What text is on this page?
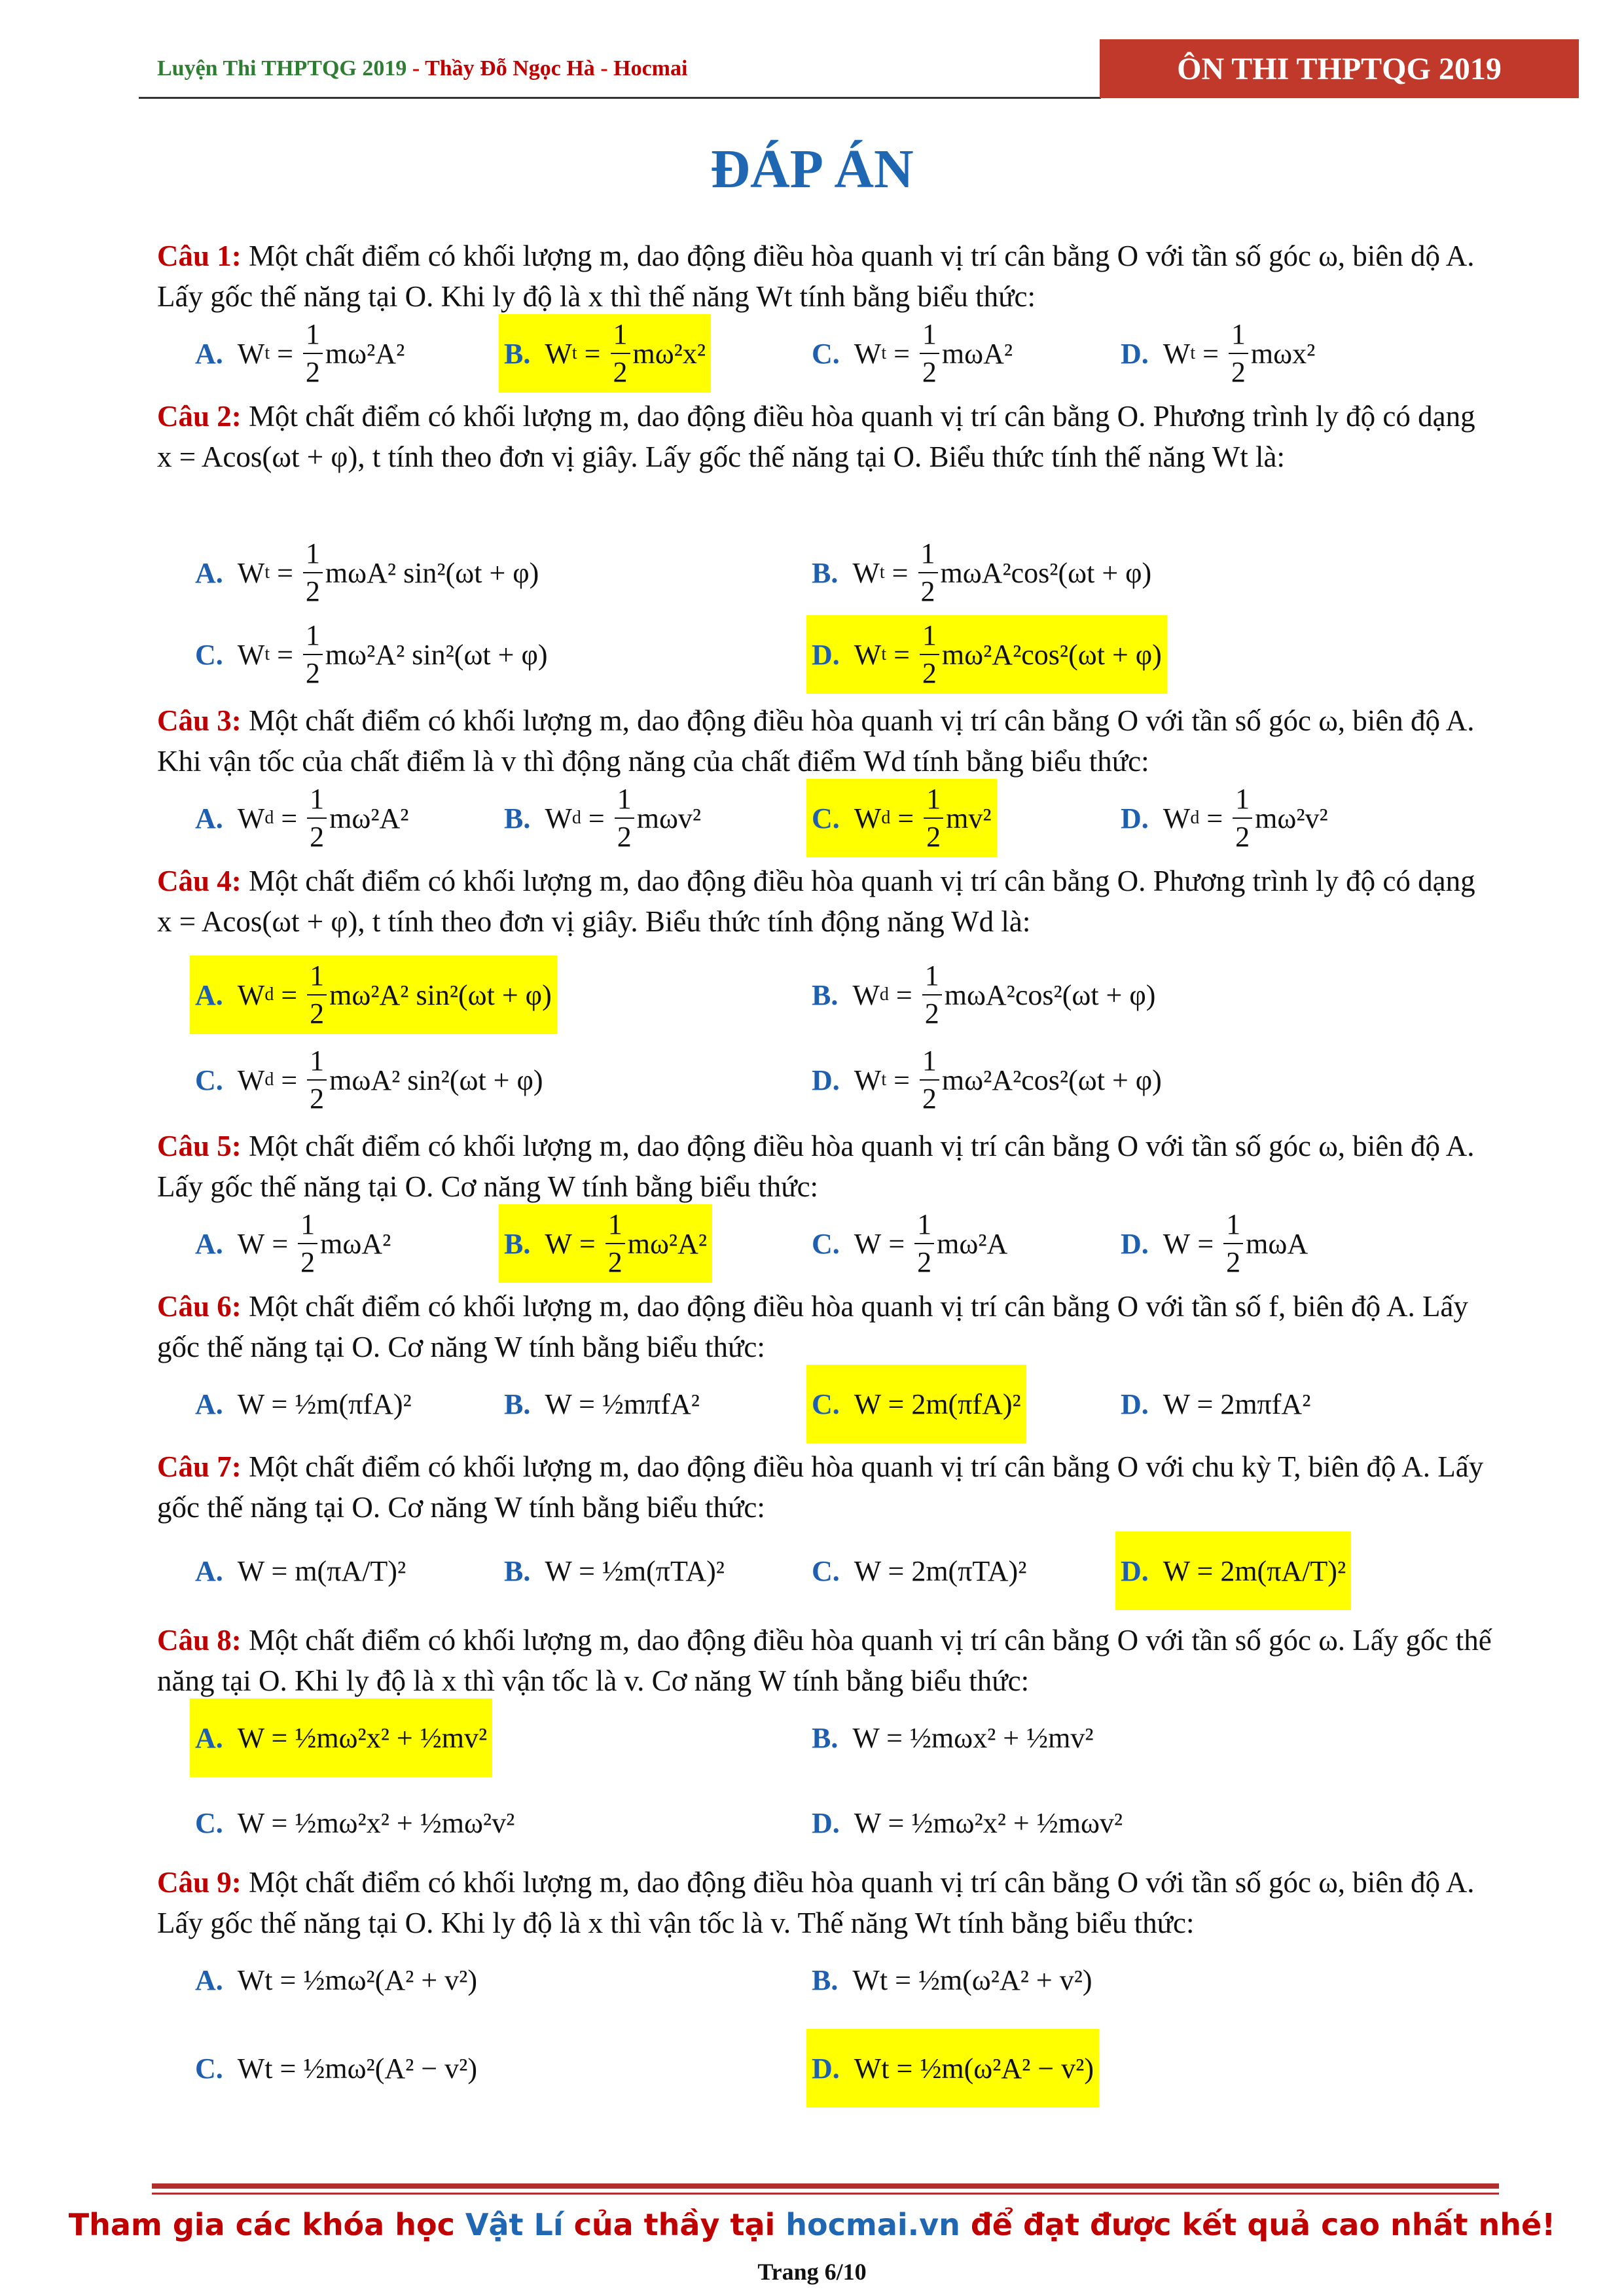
Luyện Thi THPTQG 2019 - Thầy Đỗ Ngọc Hà - Hocmai	ÔN THI THPTQG 2019
ĐÁP ÁN
Câu 1: Một chất điểm có khối lượng m, dao động điều hòa quanh vị trí cân bằng O với tần số góc ω, biên dộ A. Lấy gốc thế năng tại O. Khi ly độ là x thì thế năng Wt tính bằng biểu thức:
Câu 2: Một chất điểm có khối lượng m, dao động điều hòa quanh vị trí cân bằng O. Phương trình ly độ có dạng x = Acos(ωt + φ), t tính theo đơn vị giây. Lấy gốc thế năng tại O. Biểu thức tính thế năng Wt là:
Câu 3: Một chất điểm có khối lượng m, dao động điều hòa quanh vị trí cân bằng O với tần số góc ω, biên độ A. Khi vận tốc của chất điểm là v thì động năng của chất điểm Wd tính bằng biểu thức:
Câu 4: Một chất điểm có khối lượng m, dao động điều hòa quanh vị trí cân bằng O. Phương trình ly độ có dạng x = Acos(ωt + φ), t tính theo đơn vị giây. Biểu thức tính động năng Wd là:
Câu 5: Một chất điểm có khối lượng m, dao động điều hòa quanh vị trí cân bằng O với tần số góc ω, biên độ A. Lấy gốc thế năng tại O. Cơ năng W tính bằng biểu thức:
Câu 6: Một chất điểm có khối lượng m, dao động điều hòa quanh vị trí cân bằng O với tần số f, biên độ A. Lấy gốc thế năng tại O. Cơ năng W tính bằng biểu thức:
Câu 7: Một chất điểm có khối lượng m, dao động điều hòa quanh vị trí cân bằng O với chu kỳ T, biên độ A. Lấy gốc thế năng tại O. Cơ năng W tính bằng biểu thức:
Câu 8: Một chất điểm có khối lượng m, dao động điều hòa quanh vị trí cân bằng O với tần số góc ω. Lấy gốc thế năng tại O. Khi ly độ là x thì vận tốc là v. Cơ năng W tính bằng biểu thức:
Câu 9: Một chất điểm có khối lượng m, dao động điều hòa quanh vị trí cân bằng O với tần số góc ω, biên độ A. Lấy gốc thế năng tại O. Khi ly độ là x thì vận tốc là v. Thế năng Wt tính bằng biểu thức:
A. W $t = \frac{1}{2} m\omega^2A^2$	B. W $t = \frac{1}{2} m\omega^2x^2$	C. W $t = \frac{1}{2} m\omega A^2$	D. W $t = \frac{1}{2} m\omega x^2$
A. W $t = \frac{1}{2} m\omega A^2$ sin²(ωt + φ)	B. W $t = \frac{1}{2} m\omega A^2\cos^2(\omega t + \varphi)$
C. W $t = \frac{1}{2} m\omega^2A^2$ sin²(ωt + φ)	D. W $t = \frac{1}{2} m\omega^2A^2\cos^2(\omega t + \varphi)$
A. W $d = \frac{1}{2} m\omega^2A^2$	B. W $d = \frac{1}{2} m\omega v^2$	C. W $d = \frac{1}{2} mv^2$	D. W $d = \frac{1}{2} m\omega^2v^2$
A. W $d = \frac{1}{2} m\omega^2A^2$ sin²(ωt + φ)	B. W $d = \frac{1}{2} m\omega A^2\cos^2(\omega t + \varphi)$
C. W $d = \frac{1}{2} m\omega A^2$ sin²(ωt + φ)	D. W $t = \frac{1}{2} m\omega^2A^2\cos^2(\omega t + \varphi)$
A. $W = \frac{1}{2} m\omega A^2$	B. $W = \frac{1}{2} m\omega^2A^2$	C. $W = \frac{1}{2} m\omega^2A$	D. $W = \frac{1}{2}$ mωA
A. W = ½m(πfA)²	B. W = ½mπfA²	C. W = 2m(πfA)²	D. W = 2mπfA²
A. W = m(πA/T)²	B. W = ½m(πTA)²	C. W = 2m(πTA)²	D. W = 2m(πA/T)²
A. W = ½mω²x² + ½mv²	B. W = ½mωx² + ½mv²
C. W = ½mω²x² + ½mω²v²	D. W = ½mω²x² + ½mωv²
A. Wt = ½mω²(A² + v²)	B. Wt = ½m(ω²A² + v²)
C. Wt = ½mω²(A² − v²)	D. Wt = ½m(ω²A² − v²)
Tham gia các khóa học Vật Lí của thầy tại hocmai.vn để đạt được kết quả cao nhất nhé!
Trang 6/10
